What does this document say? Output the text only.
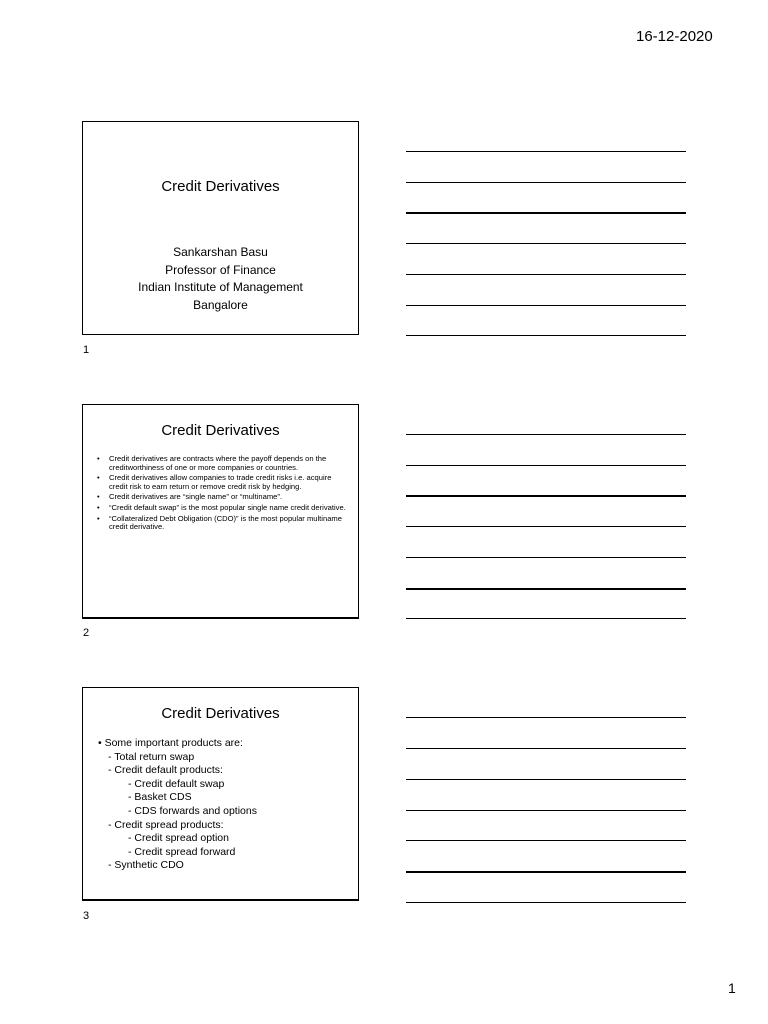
16-12-2020
Credit Derivatives
Sankarshan Basu
Professor of Finance
Indian Institute of Management
Bangalore
1
Credit Derivatives
• Credit derivatives are contracts where the payoff depends on the creditworthiness of one or more companies or countries.
• Credit derivatives allow companies to trade credit risks i.e. acquire credit risk to earn return or remove credit risk by hedging.
• Credit derivatives are “single name” or “multiname”.
• “Credit default swap” is the most popular single name credit derivative.
• “Collateralized Debt Obligation (CDO)” is the most popular multiname credit derivative.
2
Credit Derivatives
• Some important products are:
- Total return swap
- Credit default products:
- Credit default swap
- Basket CDS
- CDS forwards and options
- Credit spread products:
- Credit spread option
- Credit spread forward
- Synthetic CDO
3
1
